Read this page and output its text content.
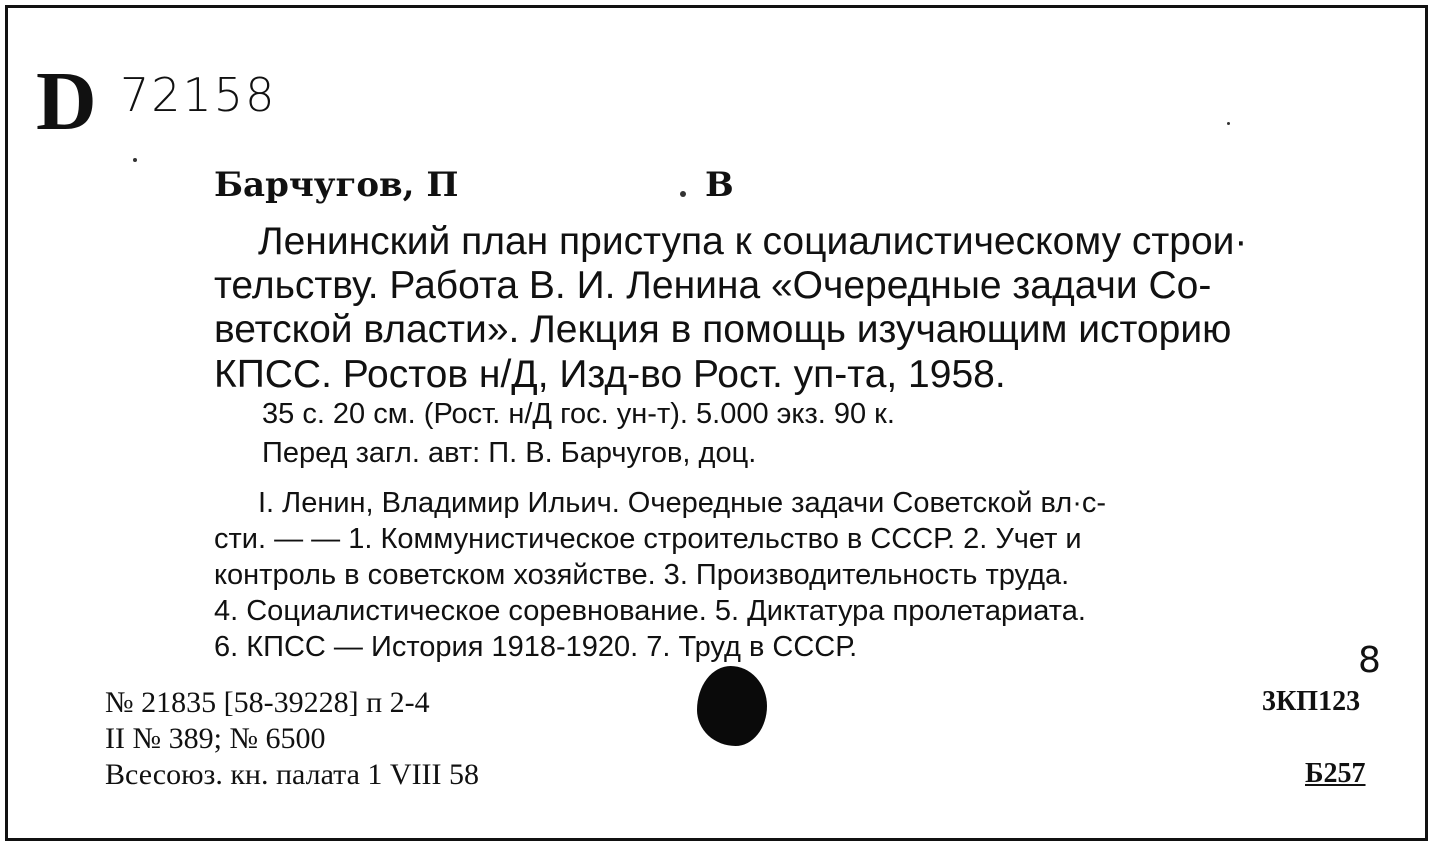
D 72158
Барчугов, П	В
Ленинский план приступа к социалистическому строи·
тельству. Работа В. И. Ленина «Очередные задачи Со-
ветской власти». Лекция в помощь изучающим историю
КПСС. Ростов н/Д, Изд-во Рост. уп-та, 1958.
35 с. 20 см. (Рост. н/Д гос. ун-т). 5.000 экз. 90 к.
Перед загл. авт: П. В. Барчугов, доц.
I. Ленин, Владимир Ильич. Очередные задачи Советской вл·с-
сти. — — 1. Коммунистическое строительство в СССР. 2. Учет и
контроль в советском хозяйстве. 3. Производительность труда.
4. Социалистическое соревнование. 5. Диктатура пролетариата.
6. КПСС — История 1918-1920. 7. Труд в СССР.	8
№ 21835 [58-39228] п 2-4
II № 389; № 6500
Всесоюз. кн. палата 1 VIII 58
3КП123
Б257
